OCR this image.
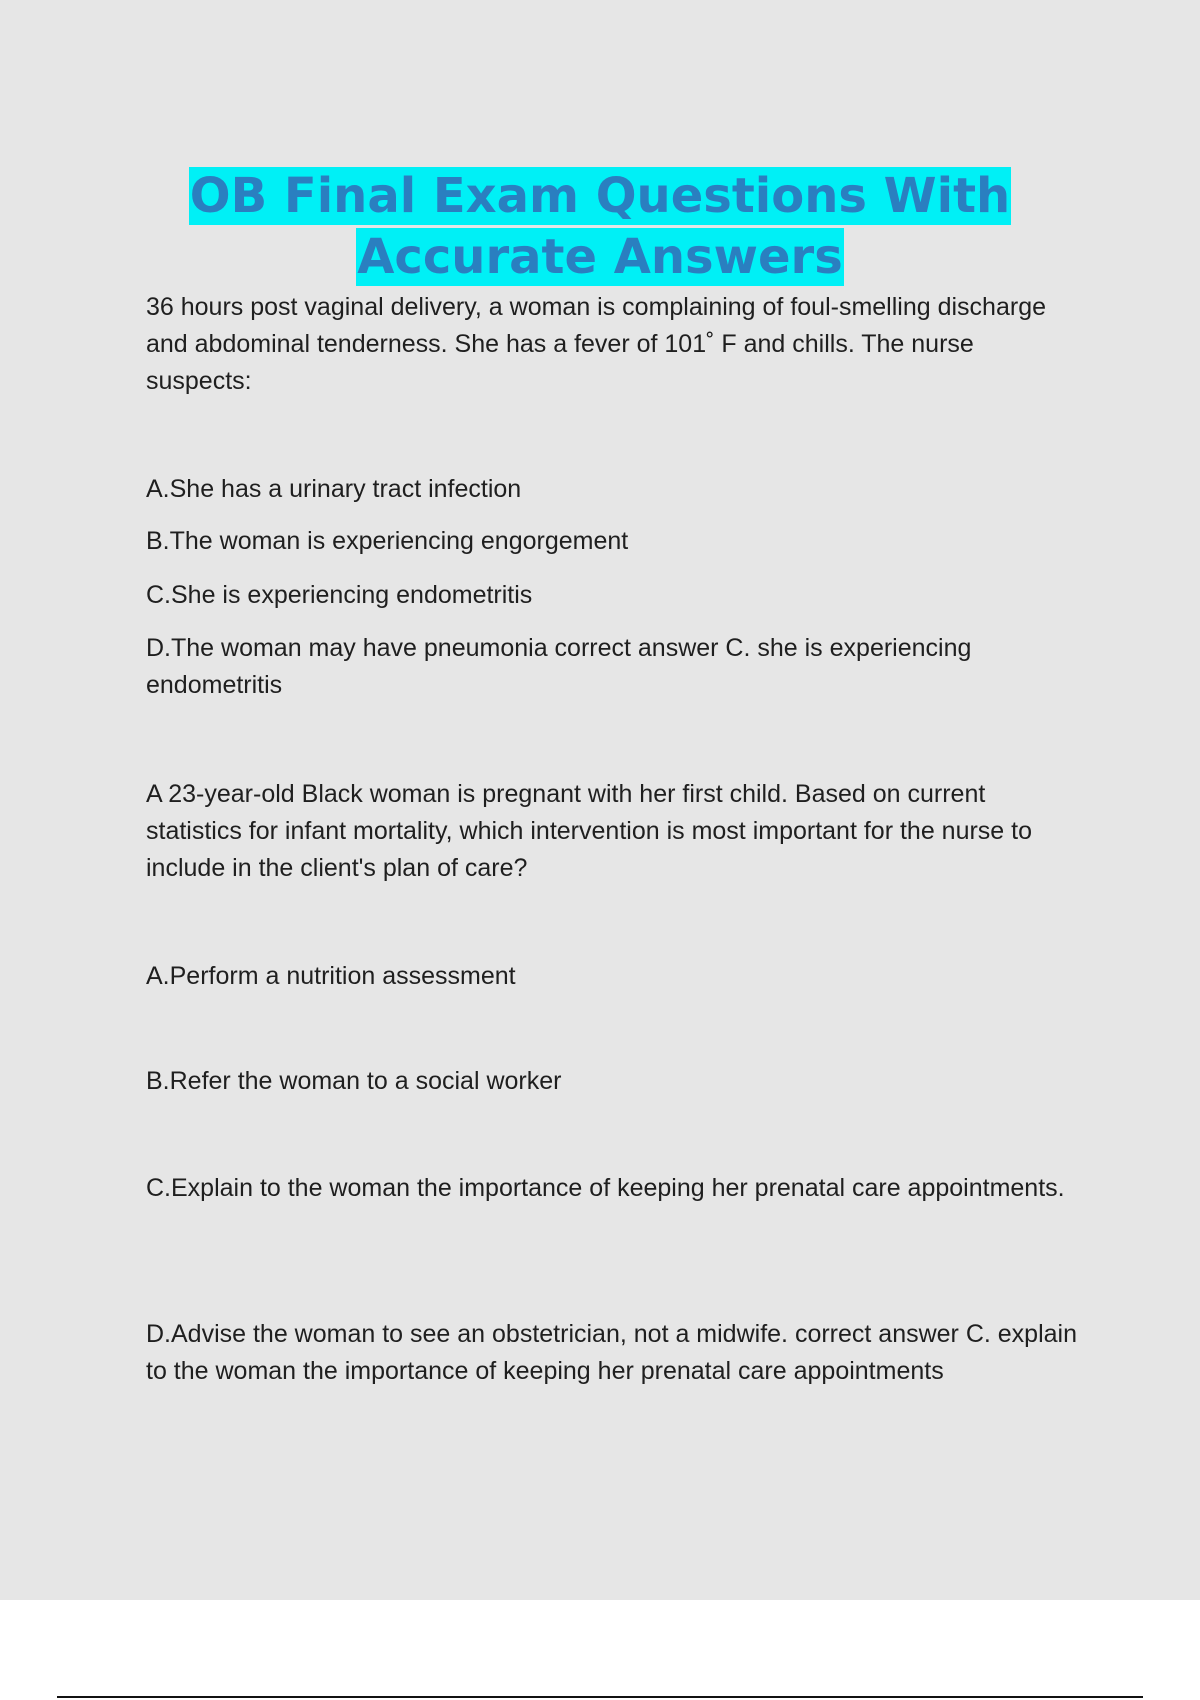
OB Final Exam Questions With
Accurate Answers
36 hours post vaginal delivery, a woman is complaining of foul-smelling discharge and abdominal tenderness. She has a fever of 101˚ F and chills. The nurse suspects:
A.She has a urinary tract infection
B.The woman is experiencing engorgement
C.She is experiencing endometritis
D.The woman may have pneumonia correct answer C. she is experiencing endometritis
A 23-year-old Black woman is pregnant with her first child. Based on current statistics for infant mortality, which intervention is most important for the nurse to include in the client's plan of care?
A.Perform a nutrition assessment
B.Refer the woman to a social worker
C.Explain to the woman the importance of keeping her prenatal care appointments.
D.Advise the woman to see an obstetrician, not a midwife. correct answer C. explain to the woman the importance of keeping her prenatal care appointments
